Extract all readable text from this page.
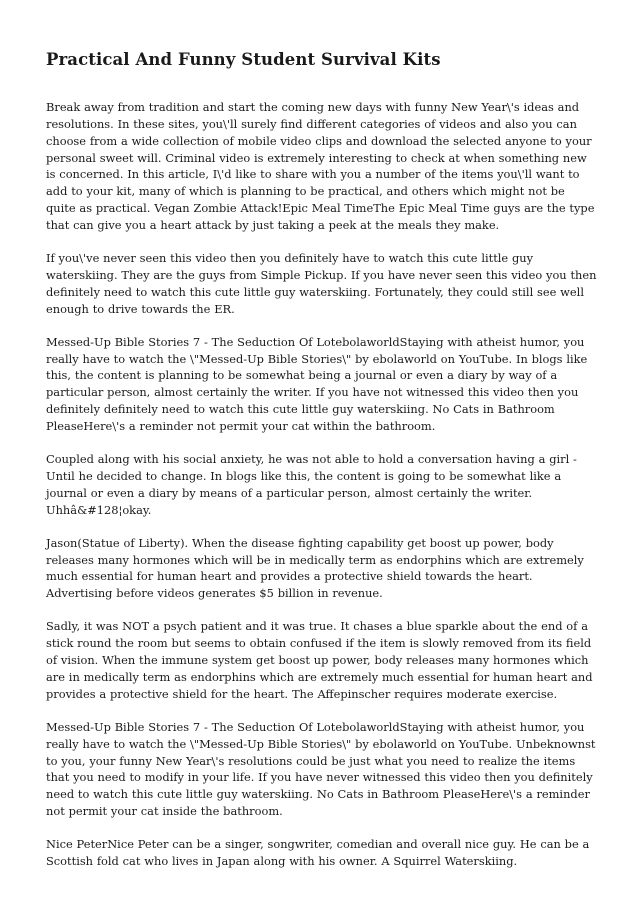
Practical And Funny Student Survival Kits

Break away from tradition and start the coming new days with funny New Year\'s ideas and resolutions. In these sites, you\'ll surely find different categories of videos and also you can choose from a wide collection of mobile video clips and download the selected anyone to your personal sweet will. Criminal video is extremely interesting to check at when something new is concerned. In this article, I\'d like to share with you a number of the items you\'ll want to add to your kit, many of which is planning to be practical, and others which might not be quite as practical. Vegan Zombie Attack!Epic Meal TimeThe Epic Meal Time guys are the type that can give you a heart attack by just taking a peek at the meals they make.

If you\'ve never seen this video then you definitely have to watch this cute little guy waterskiing. They are the guys from Simple Pickup. If you have never seen this video you then definitely need to watch this cute little guy waterskiing. Fortunately, they could still see well enough to drive towards the ER.

Messed-Up Bible Stories 7 - The Seduction Of LotebolaworldStaying with atheist humor, you really have to watch the \"Messed-Up Bible Stories\" by ebolaworld on YouTube. In blogs like this, the content is planning to be somewhat being a journal or even a diary by way of a particular person, almost certainly the writer. If you have not witnessed this video then you definitely definitely need to watch this cute little guy waterskiing. No Cats in Bathroom PleaseHere\'s a reminder not permit your cat within the bathroom.

Coupled along with his social anxiety, he was not able to hold a conversation having a girl - Until he decided to change. In blogs like this, the content is going to be somewhat like a journal or even a diary by means of a particular person, almost certainly the writer. Uhhâ&#128¦okay.

Jason(Statue of Liberty). When the disease fighting capability get boost up power, body releases many hormones which will be in medically term as endorphins which are extremely much essential for human heart and provides a protective shield towards the heart. Advertising before videos generates $5 billion in revenue.

Sadly, it was NOT a psych patient and it was true. It chases a blue sparkle about the end of a stick round the room but seems to obtain confused if the item is slowly removed from its field of vision. When the immune system get boost up power, body releases many hormones which are in medically term as endorphins which are extremely much essential for human heart and provides a protective shield for the heart. The Affepinscher requires moderate exercise.

Messed-Up Bible Stories 7 - The Seduction Of LotebolaworldStaying with atheist humor, you really have to watch the \"Messed-Up Bible Stories\" by ebolaworld on YouTube. Unbeknownst to you, your funny New Year\'s resolutions could be just what you need to realize the items that you need to modify in your life. If you have never witnessed this video then you definitely need to watch this cute little guy waterskiing. No Cats in Bathroom PleaseHere\'s a reminder not permit your cat inside the bathroom.

Nice PeterNice Peter can be a singer, songwriter, comedian and overall nice guy. He can be a Scottish fold cat who lives in Japan along with his owner. A Squirrel Waterskiing.
